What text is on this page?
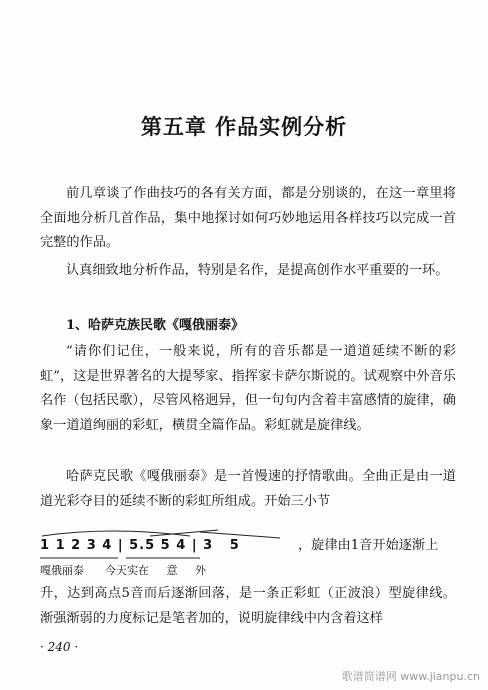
第五章 作品实例分析

前几章谈了作曲技巧的各有关方面，都是分别谈的，在这一章里将全面地分析几首作品，集中地探讨如何巧妙地运用各样技巧以完成一首完整的作品。

认真细致地分析作品，特别是名作，是提高创作水平重要的一环。

1、哈萨克族民歌《嘎俄丽泰》

“请你们记住，一般来说，所有的音乐都是一道道延续不断的彩虹”，这是世界著名的大提琴家、指挥家卡萨尔斯说的。试观察中外音乐名作（包括民歌），尽管风格迥异，但一句句内含着丰富感情的旋律，确象一道道绚丽的彩虹，横贯全篇作品。彩虹就是旋律线。

哈萨克民歌《嘎俄丽泰》是一首慢速的抒情歌曲。全曲正是由一道道光彩夺目的延续不断的彩虹所组成。开始三小节

1 1 2 3 4 | 5.5 5 4 | 3   5
嘎俄丽泰      今天实在     意     外
，旋律由1音开始逐渐上

升，达到高点5音而后逐渐回落，是一条正彩虹（正波浪）型旋律线。渐强渐弱的力度标记是笔者加的，说明旋律线中内含着这样

· 240 ·
歌谱简谱网 www.jianpu.cn
